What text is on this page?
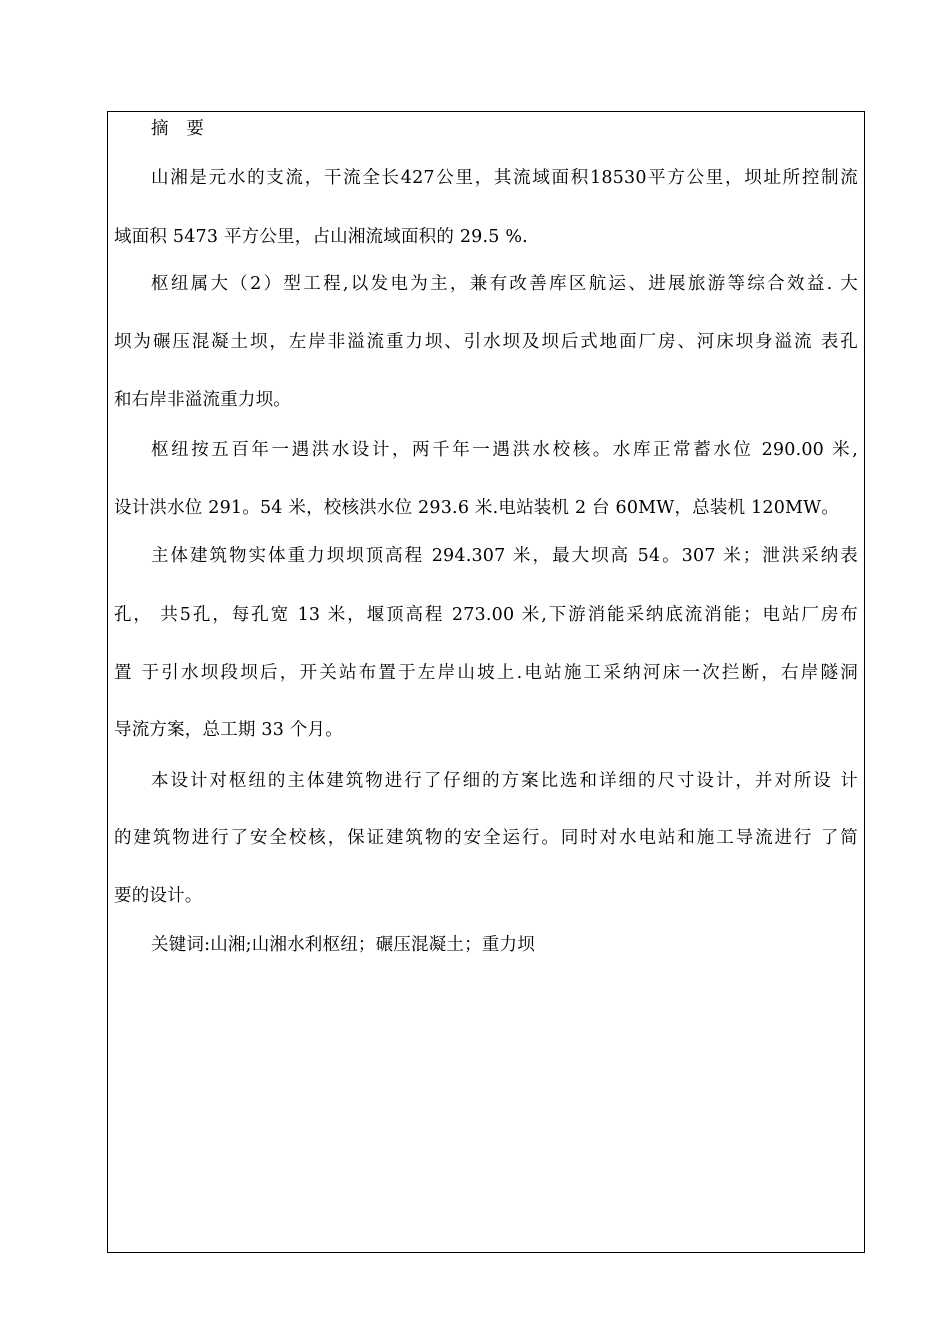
摘　要
山湘是元水的支流，干流全长427公里，其流域面积18530平方公里，坝址所控制流
域面积 5473 平方公里，占山湘流域面积的 29.5 %.
枢纽属大（2）型工程,以发电为主，兼有改善库区航运、进展旅游等综合效益. 大
坝为碾压混凝土坝，左岸非溢流重力坝、引水坝及坝后式地面厂房、河床坝身溢流 表孔
和右岸非溢流重力坝。
枢纽按五百年一遇洪水设计，两千年一遇洪水校核。水库正常蓄水位 290.00 米,
设计洪水位 291。54 米，校核洪水位 293.6 米.电站装机 2 台 60MW，总装机 120MW。
主体建筑物实体重力坝坝顶高程 294.307 米，最大坝高 54。307 米；泄洪采纳表
孔， 共5孔，每孔宽 13 米，堰顶高程 273.00 米,下游消能采纳底流消能；电站厂房布
置 于引水坝段坝后，开关站布置于左岸山坡上.电站施工采纳河床一次拦断，右岸隧洞
导流方案，总工期 33 个月。
本设计对枢纽的主体建筑物进行了仔细的方案比选和详细的尺寸设计，并对所设 计
的建筑物进行了安全校核，保证建筑物的安全运行。同时对水电站和施工导流进行 了简
要的设计。
关键词:山湘;山湘水利枢纽；碾压混凝土；重力坝
